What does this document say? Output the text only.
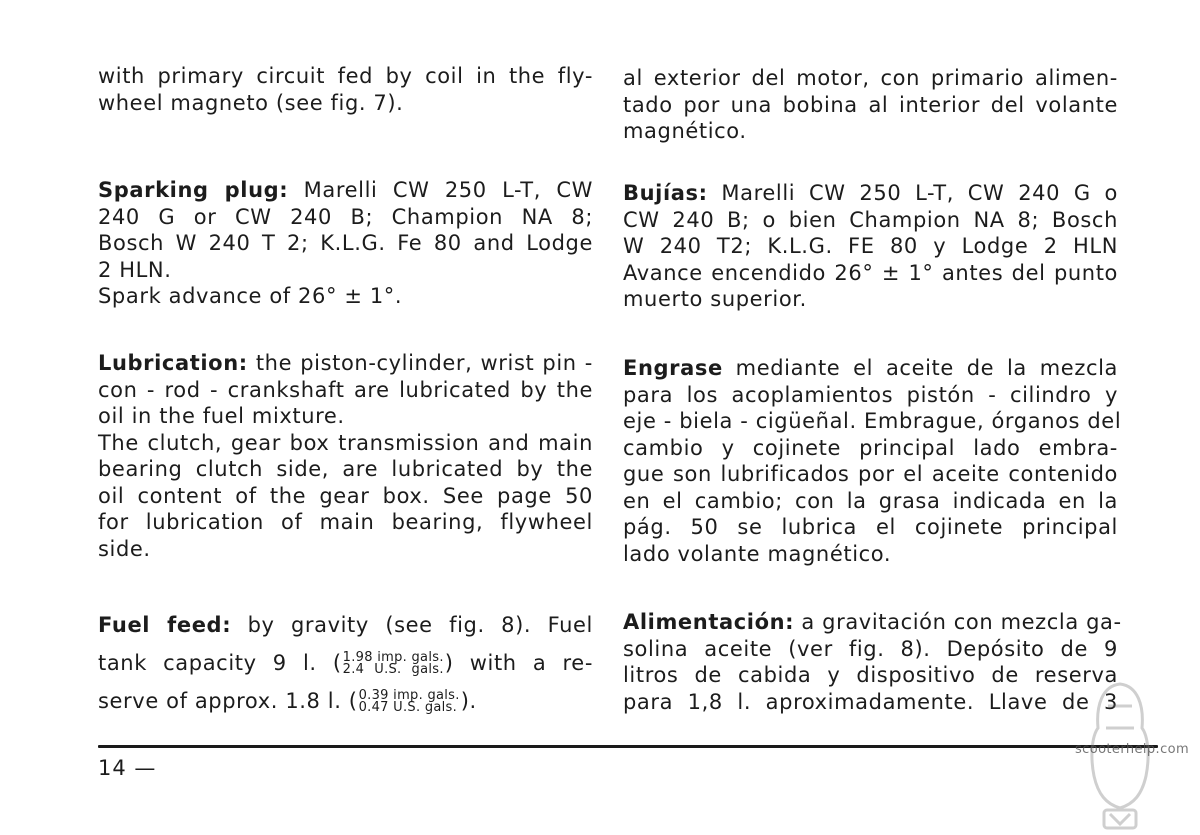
with primary circuit fed by coil in the fly-
wheel magneto (see fig. 7).

Sparking plug: Marelli CW 250 L-T, CW
240 G or CW 240 B; Champion NA 8;
Bosch W 240 T 2; K.L.G. Fe 80 and Lodge
2 HLN.
Spark advance of 26° ± 1°.

Lubrication: the piston-cylinder, wrist pin -
con - rod - crankshaft are lubricated by the
oil in the fuel mixture.
The clutch, gear box transmission and main
bearing clutch side, are lubricated by the
oil content of the gear box. See page 50
for lubrication of main bearing, flywheel
side.

Fuel feed: by gravity (see fig. 8). Fuel
tank capacity 9 l. ( 1.98 imp. gals.
2.4 U.S. gals. ) with a re-
serve of approx. 1.8 l. ( 0.39 imp. gals.
0.47 U.S. gals. ).

al exterior del motor, con primario alimen-
tado por una bobina al interior del volante
magnético.

Bujías: Marelli CW 250 L-T, CW 240 G o
CW 240 B; o bien Champion NA 8; Bosch
W 240 T2; K.L.G. FE 80 y Lodge 2 HLN
Avance encendido 26° ± 1° antes del punto
muerto superior.

Engrase mediante el aceite de la mezcla
para los acoplamientos pistón - cilindro y
eje - biela - cigüeñal. Embrague, órganos del
cambio y cojinete principal lado embra-
gue son lubrificados por el aceite contenido
en el cambio; con la grasa indicada en la
pág. 50 se lubrica el cojinete principal
lado volante magnético.

Alimentación: a gravitación con mezcla ga-
solina aceite (ver fig. 8). Depósito de 9
litros de cabida y dispositivo de reserva
para 1,8 l. aproximadamente. Llave de 3

14 —
scooterhelp.com
